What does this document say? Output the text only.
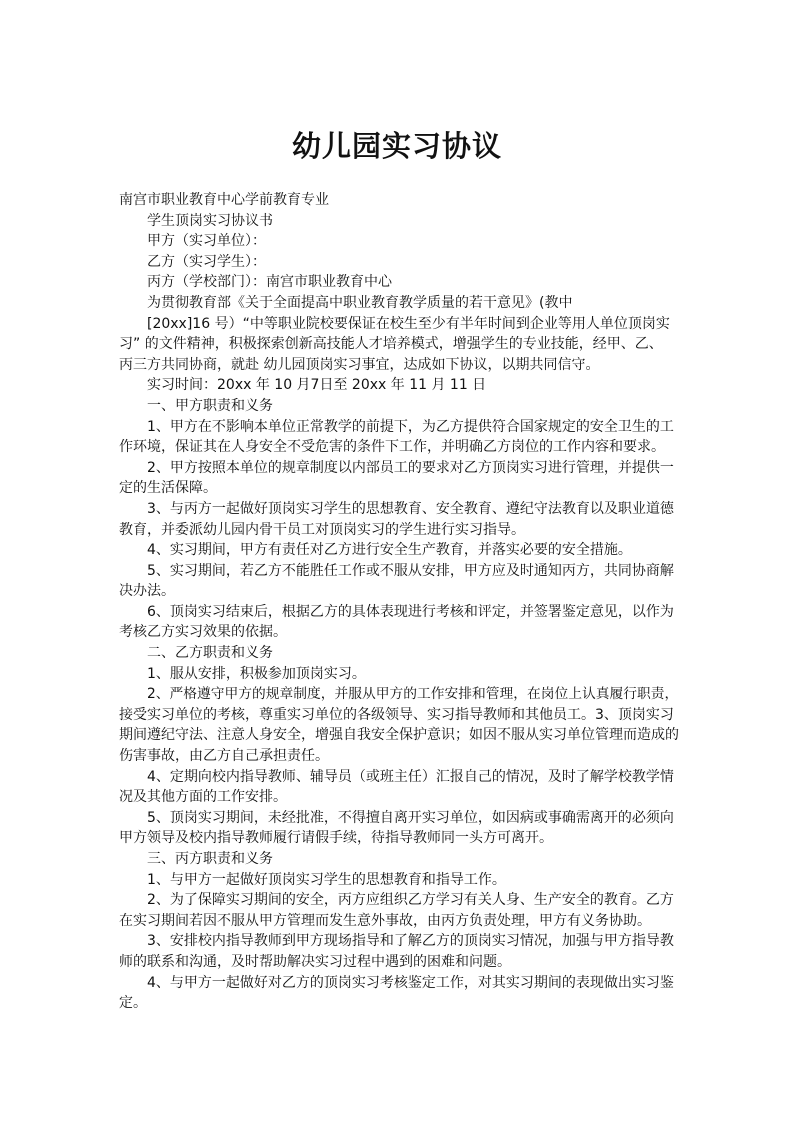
幼儿园实习协议

南宫市职业教育中心学前教育专业

学生顶岗实习协议书

甲方（实习单位）：

乙方（实习学生）：

丙方（学校部门）：南宫市职业教育中心

为贯彻教育部《关于全面提高中职业教育教学质量的若干意见》(教中

[20xx]16 号）“中等职业院校要保证在校生至少有半年时间到企业等用人单位顶岗实

习” 的文件精神，积极探索创新高技能人才培养模式，增强学生的专业技能，经甲、乙、

丙三方共同协商，就赴 幼儿园顶岗实习事宜，达成如下协议，以期共同信守。

实习时间：20xx 年 10 月7日至 20xx 年 11 月 11 日

一、甲方职责和义务

1、甲方在不影响本单位正常教学的前提下，为乙方提供符合国家规定的安全卫生的工

作环境，保证其在人身安全不受危害的条件下工作，并明确乙方岗位的工作内容和要求。

2、甲方按照本单位的规章制度以内部员工的要求对乙方顶岗实习进行管理，并提供一

定的生活保障。

3、与丙方一起做好顶岗实习学生的思想教育、安全教育、遵纪守法教育以及职业道德

教育，并委派幼儿园内骨干员工对顶岗实习的学生进行实习指导。

4、实习期间，甲方有责任对乙方进行安全生产教育，并落实必要的安全措施。

5、实习期间，若乙方不能胜任工作或不服从安排，甲方应及时通知丙方，共同协商解

决办法。

6、顶岗实习结束后，根据乙方的具体表现进行考核和评定，并签署鉴定意见，以作为

考核乙方实习效果的依据。

二、乙方职责和义务

1、服从安排，积极参加顶岗实习。

2、严格遵守甲方的规章制度，并服从甲方的工作安排和管理，在岗位上认真履行职责，

接受实习单位的考核，尊重实习单位的各级领导、实习指导教师和其他员工。3、顶岗实习

期间遵纪守法、注意人身安全，增强自我安全保护意识；如因不服从实习单位管理而造成的

伤害事故，由乙方自己承担责任。

4、定期向校内指导教师、辅导员（或班主任）汇报自己的情况，及时了解学校教学情

况及其他方面的工作安排。

5、顶岗实习期间，未经批准，不得擅自离开实习单位，如因病或事确需离开的必须向

甲方领导及校内指导教师履行请假手续，待指导教师同一头方可离开。

三、丙方职责和义务

1、与甲方一起做好顶岗实习学生的思想教育和指导工作。

2、为了保障实习期间的安全，丙方应组织乙方学习有关人身、生产安全的教育。乙方

在实习期间若因不服从甲方管理而发生意外事故，由丙方负责处理，甲方有义务协助。

3、安排校内指导教师到甲方现场指导和了解乙方的顶岗实习情况，加强与甲方指导教

师的联系和沟通，及时帮助解决实习过程中遇到的困难和问题。

4、与甲方一起做好对乙方的顶岗实习考核鉴定工作，对其实习期间的表现做出实习鉴

定。
